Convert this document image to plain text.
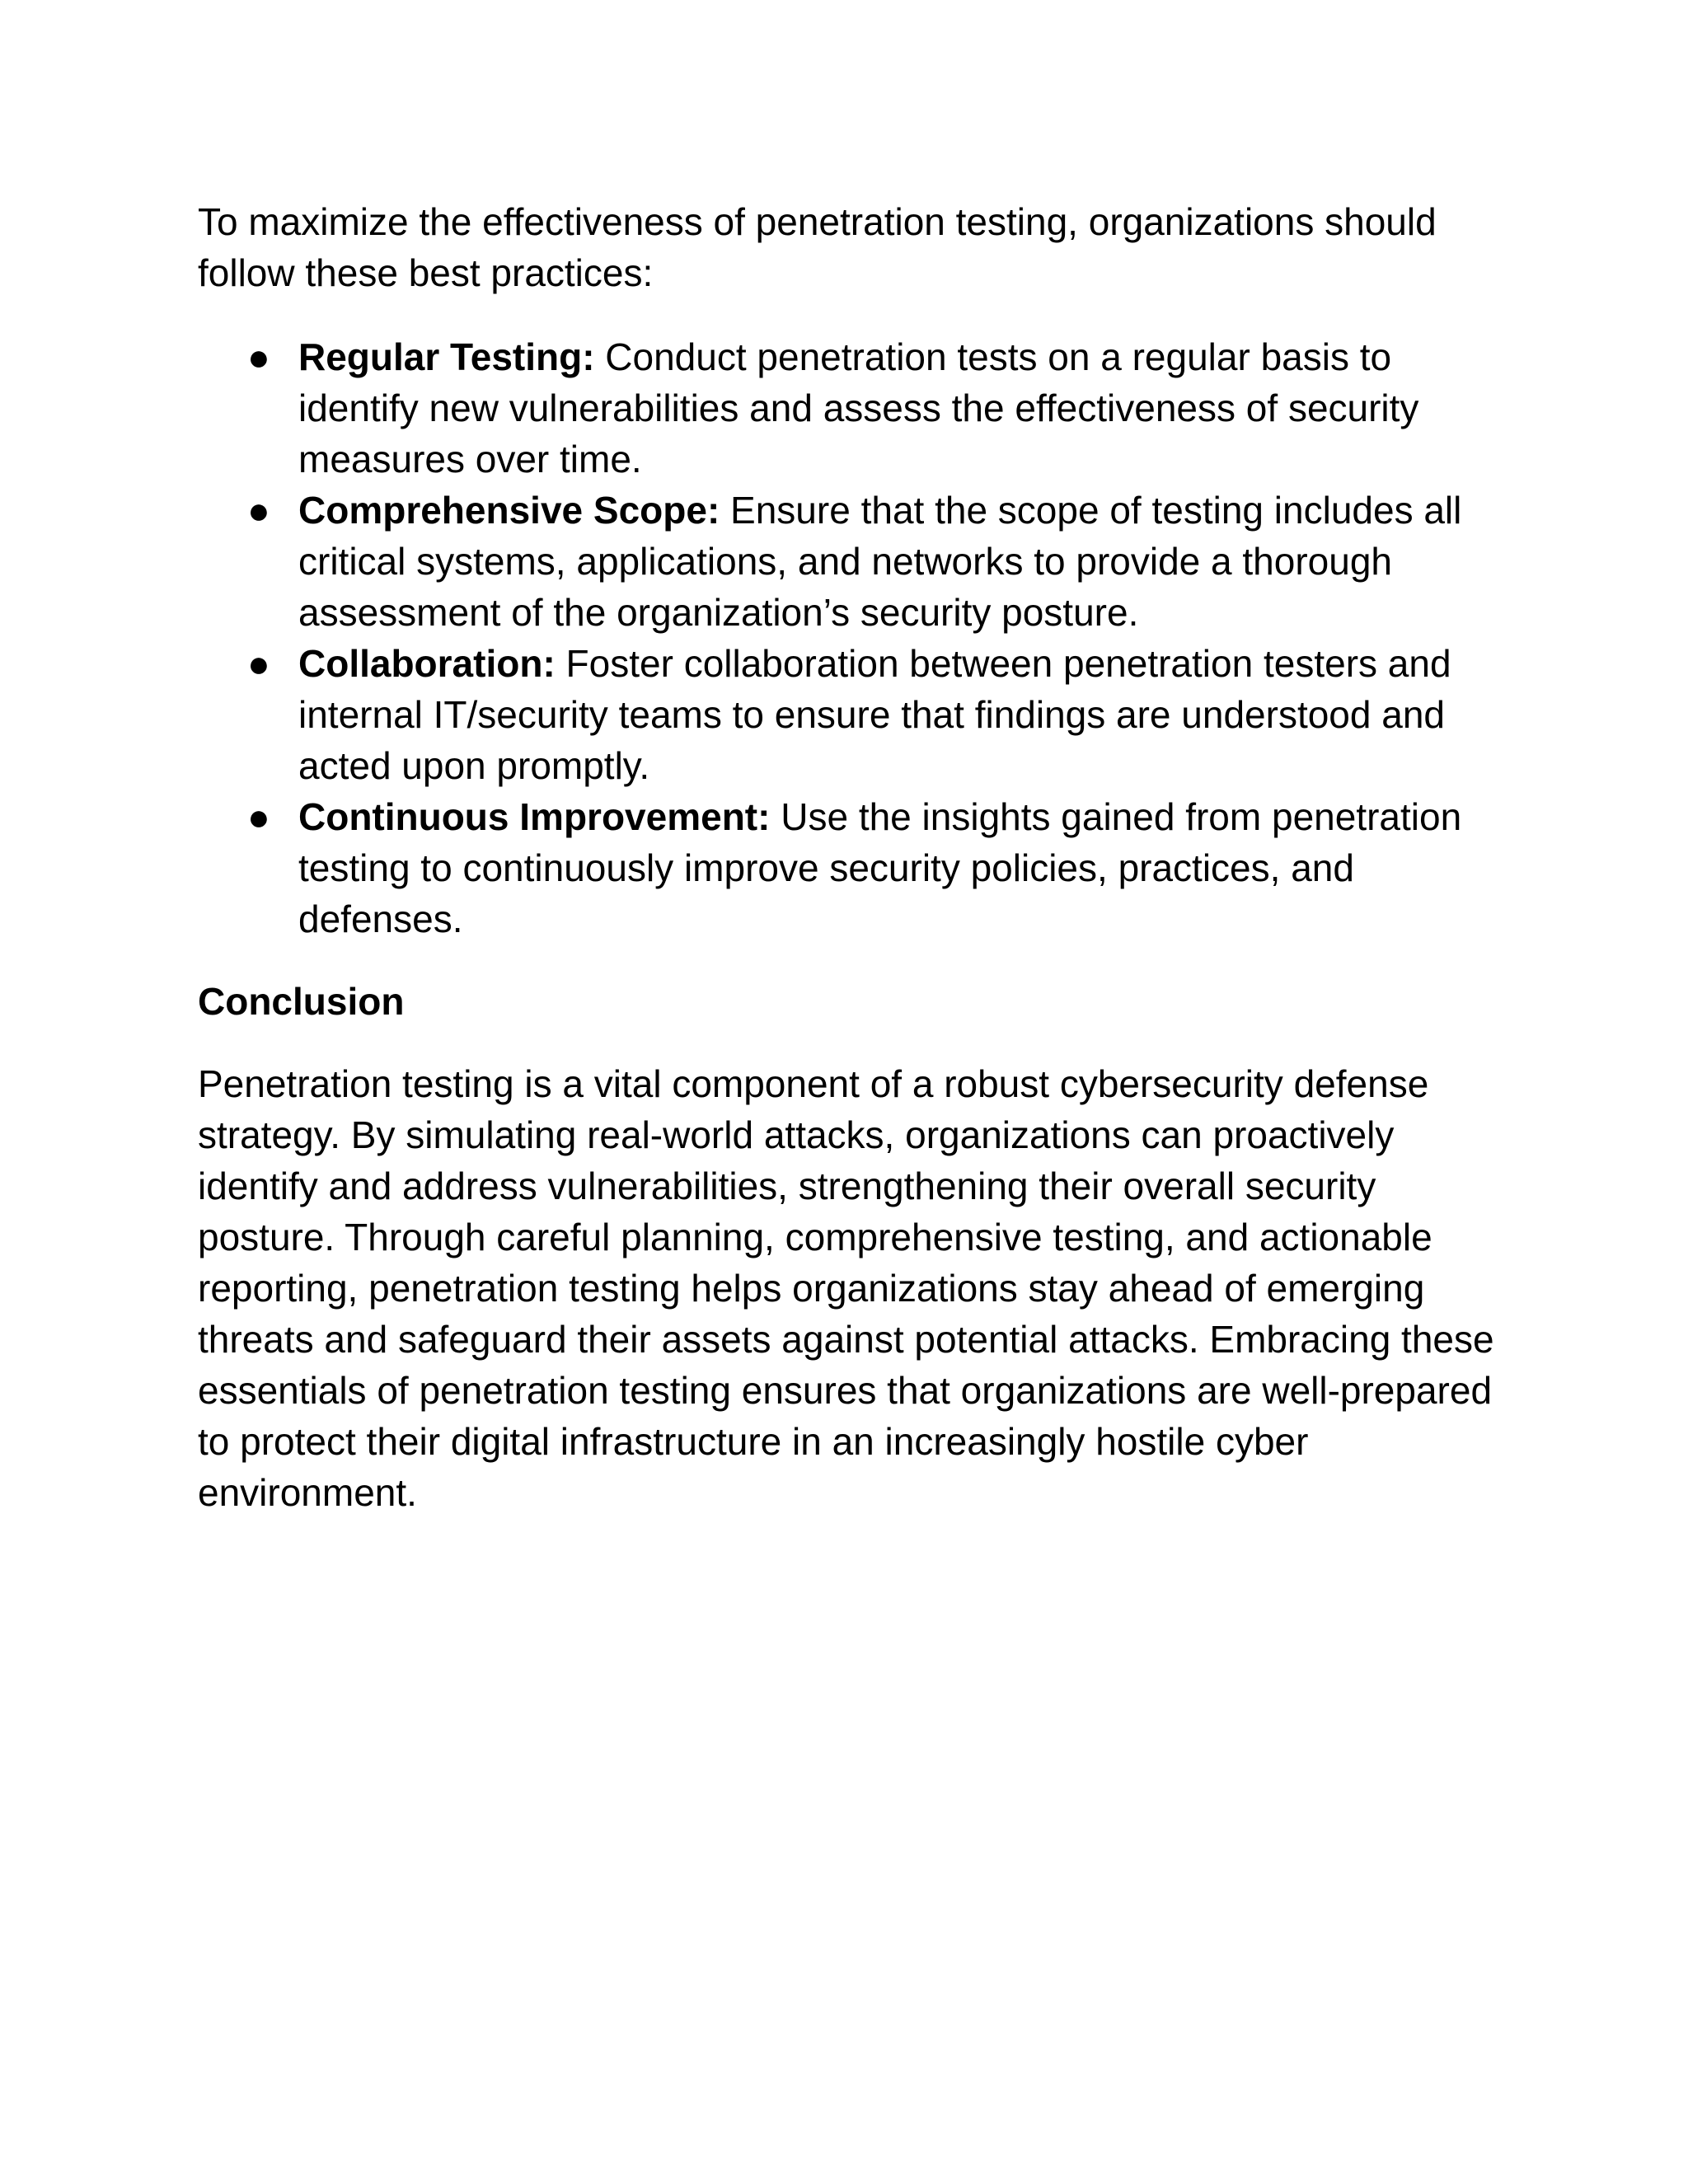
To maximize the effectiveness of penetration testing, organizations should follow these best practices:

● Regular Testing: Conduct penetration tests on a regular basis to identify new vulnerabilities and assess the effectiveness of security measures over time.
● Comprehensive Scope: Ensure that the scope of testing includes all critical systems, applications, and networks to provide a thorough assessment of the organization’s security posture.
● Collaboration: Foster collaboration between penetration testers and internal IT/security teams to ensure that findings are understood and acted upon promptly.
● Continuous Improvement: Use the insights gained from penetration testing to continuously improve security policies, practices, and defenses.

Conclusion

Penetration testing is a vital component of a robust cybersecurity defense strategy. By simulating real-world attacks, organizations can proactively identify and address vulnerabilities, strengthening their overall security posture. Through careful planning, comprehensive testing, and actionable reporting, penetration testing helps organizations stay ahead of emerging threats and safeguard their assets against potential attacks. Embracing these essentials of penetration testing ensures that organizations are well-prepared to protect their digital infrastructure in an increasingly hostile cyber environment.
